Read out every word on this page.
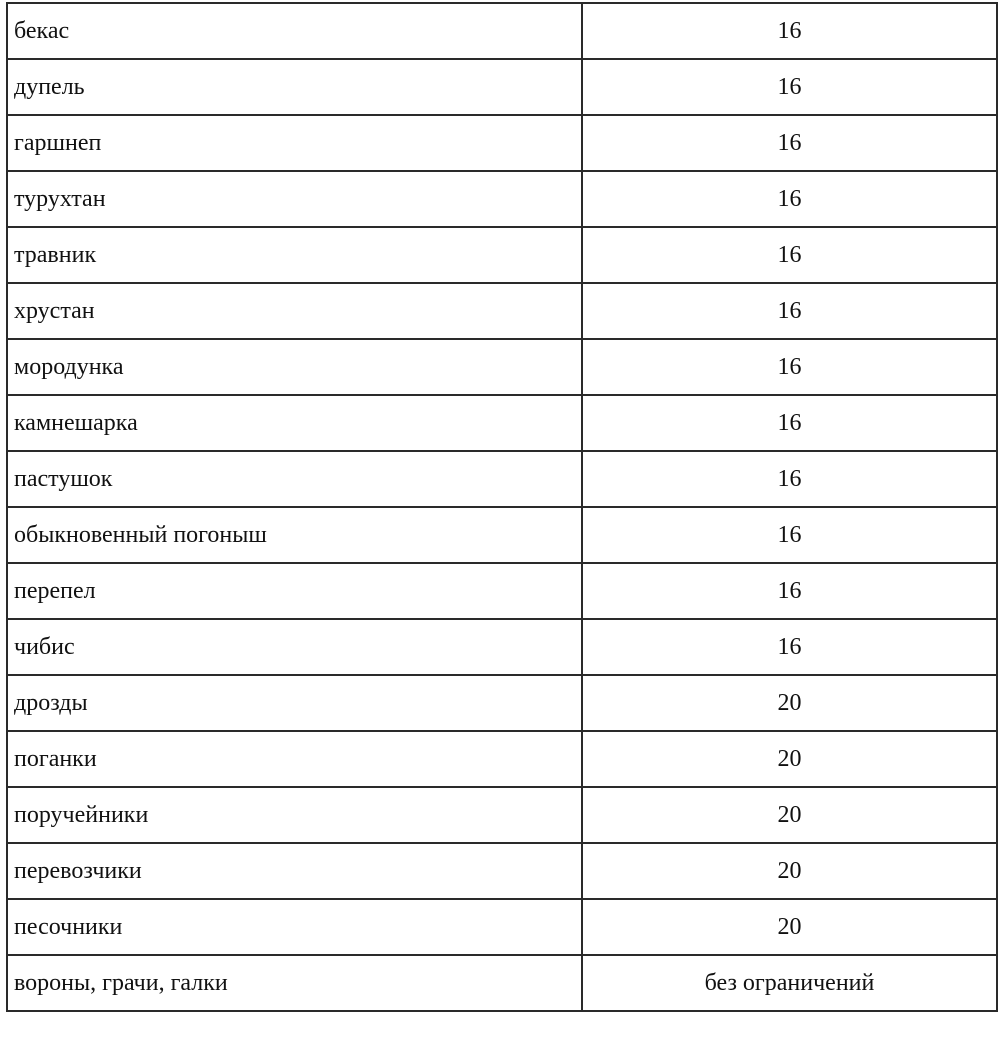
бекас	16
дупель	16
гаршнеп	16
турухтан	16
травник	16
хрустан	16
мородунка	16
камнешарка	16
пастушок	16
обыкновенный погоныш	16
перепел	16
чибис	16
дрозды	20
поганки	20
поручейники	20
перевозчики	20
песочники	20
вороны, грачи, галки	без ограничений
